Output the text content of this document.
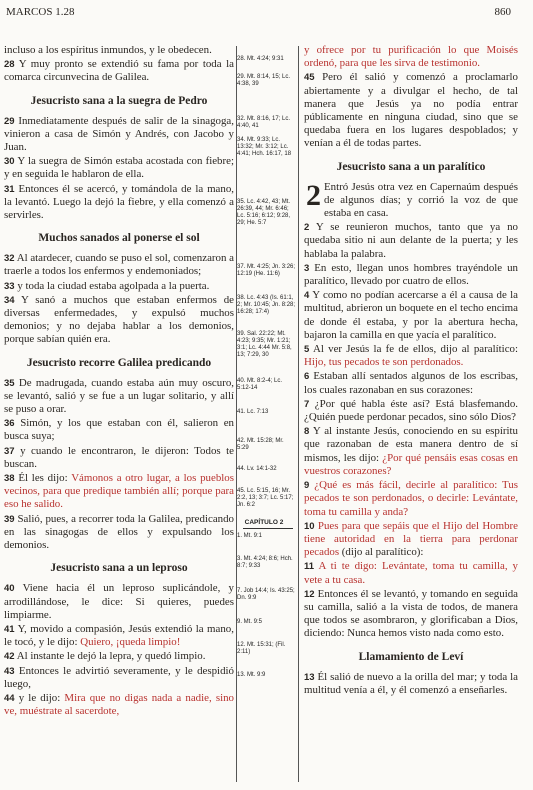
MARCOS 1.28	860
incluso a los espíritus inmundos, y le obedecen.
28 Y muy pronto se extendió su fama por toda la comarca circunvecina de Galilea.
Jesucristo sana a la suegra de Pedro
29 Inmediatamente después de salir de la sinagoga, vinieron a casa de Simón y Andrés, con Jacobo y Juan.
30 Y la suegra de Simón estaba acostada con fiebre; y en seguida le hablaron de ella.
31 Entonces él se acercó, y tomándola de la mano, la levantó. Luego la dejó la fiebre, y ella comenzó a servirles.
Muchos sanados al ponerse el sol
32 Al atardecer, cuando se puso el sol, comenzaron a traerle a todos los enfermos y endemoniados;
33 y toda la ciudad estaba agolpada a la puerta.
34 Y sanó a muchos que estaban enfermos de diversas enfermedades, y expulsó muchos demonios; y no dejaba hablar a los demonios, porque sabían quién era.
Jesucristo recorre Galilea predicando
35 De madrugada, cuando estaba aún muy oscuro, se levantó, salió y se fue a un lugar solitario, y allí se puso a orar.
36 Simón, y los que estaban con él, salieron en busca suya;
37 y cuando le encontraron, le dijeron: Todos te buscan.
38 Él les dijo: Vámonos a otro lugar, a los pueblos vecinos, para que predique también allí; porque para eso he salido.
39 Salió, pues, a recorrer toda la Galilea, predicando en las sinagogas de ellos y expulsando los demonios.
Jesucristo sana a un leproso
40 Viene hacia él un leproso suplicándole, y arrodillándose, le dice: Si quieres, puedes limpiarme.
41 Y, movido a compasión, Jesús extendió la mano, le tocó, y le dijo: Quiero, ¡queda limpio!
42 Al instante le dejó la lepra, y quedó limpio.
43 Entonces le advirtió severamente, y le despidió luego,
44 y le dijo: Mira que no digas nada a nadie, sino ve, muéstrate al sacerdote,
28. Mt. 4:24; 9:31
29. Mt. 8:14, 15; Lc. 4:38, 39
32. Mt. 8:16, 17; Lc. 4:40, 41
34. Mt. 9:33; Lc. 13:32; Mr. 3:12; Lc. 4:41; Hch. 16:17, 18
35. Lc. 4:42, 43; Mt. 26:39, 44; Mr. 6:46; Lc. 5:16; 6:12; 9:28, 29; He. 5:7
37. Mt. 4:25; Jn. 3:26; 12:19 (He. 11:6)
38. Lc. 4:43 (Is. 61:1, 2; Mr. 10:45; Jn. 8:28; 16:28; 17:4)
39. Sal. 22:22; Mt. 4:23; 9:35; Mr. 1:21; 3:1; Lc. 4:44 Mr. 5:8, 13; 7:29, 30
40. Mt. 8:2-4; Lc. 5:12-14
41. Lc. 7:13
42. Mt. 15:28; Mr. 5:29
44. Lv. 14:1-32
45. Lc. 5:15, 16; Mr. 2:2, 13; 3:7; Lc. 5:17; Jn. 6:2
CAPÍTULO 2
1. Mt. 9:1
3. Mt. 4:24; 8:6; Hch. 8:7; 9:33
7. Job 14:4; Is. 43:25; Dn. 9:9
9. Mt. 9:5
12. Mt. 15:31; (Fil. 2:11)
13. Mt. 9:9
y ofrece por tu purificación lo que Moisés ordenó, para que les sirva de testimonio.
45 Pero él salió y comenzó a proclamarlo abiertamente y a divulgar el hecho, de tal manera que Jesús ya no podía entrar públicamente en ninguna ciudad, sino que se quedaba fuera en los lugares despoblados; y venían a él de todas partes.
Jesucristo sana a un paralítico
2 Entró Jesús otra vez en Capernaúm después de algunos días; y corrió la voz de que estaba en casa.
2 Y se reunieron muchos, tanto que ya no quedaba sitio ni aun delante de la puerta; y les hablaba la palabra.
3 En esto, llegan unos hombres trayéndole un paralítico, llevado por cuatro de ellos.
4 Y como no podían acercarse a él a causa de la multitud, abrieron un boquete en el techo encima de donde él estaba, y por la abertura hecha, bajaron la camilla en que yacía el paralítico.
5 Al ver Jesús la fe de ellos, dijo al paralítico: Hijo, tus pecados te son perdonados.
6 Estaban allí sentados algunos de los escribas, los cuales razonaban en sus corazones:
7 ¿Por qué habla éste así? Está blasfemando. ¿Quién puede perdonar pecados, sino sólo Dios?
8 Y al instante Jesús, conociendo en su espíritu que razonaban de esta manera dentro de sí mismos, les dijo: ¿Por qué pensáis esas cosas en vuestros corazones?
9 ¿Qué es más fácil, decirle al paralítico: Tus pecados te son perdonados, o decirle: Levántate, toma tu camilla y anda?
10 Pues para que sepáis que el Hijo del Hombre tiene autoridad en la tierra para perdonar pecados (dijo al paralítico):
11 A ti te digo: Levántate, toma tu camilla, y vete a tu casa.
12 Entonces él se levantó, y tomando en seguida su camilla, salió a la vista de todos, de manera que todos se asombraron, y glorificaban a Dios, diciendo: Nunca hemos visto nada como esto.
Llamamiento de Leví
13 Él salió de nuevo a la orilla del mar; y toda la multitud venía a él, y él comenzó a enseñarles.
